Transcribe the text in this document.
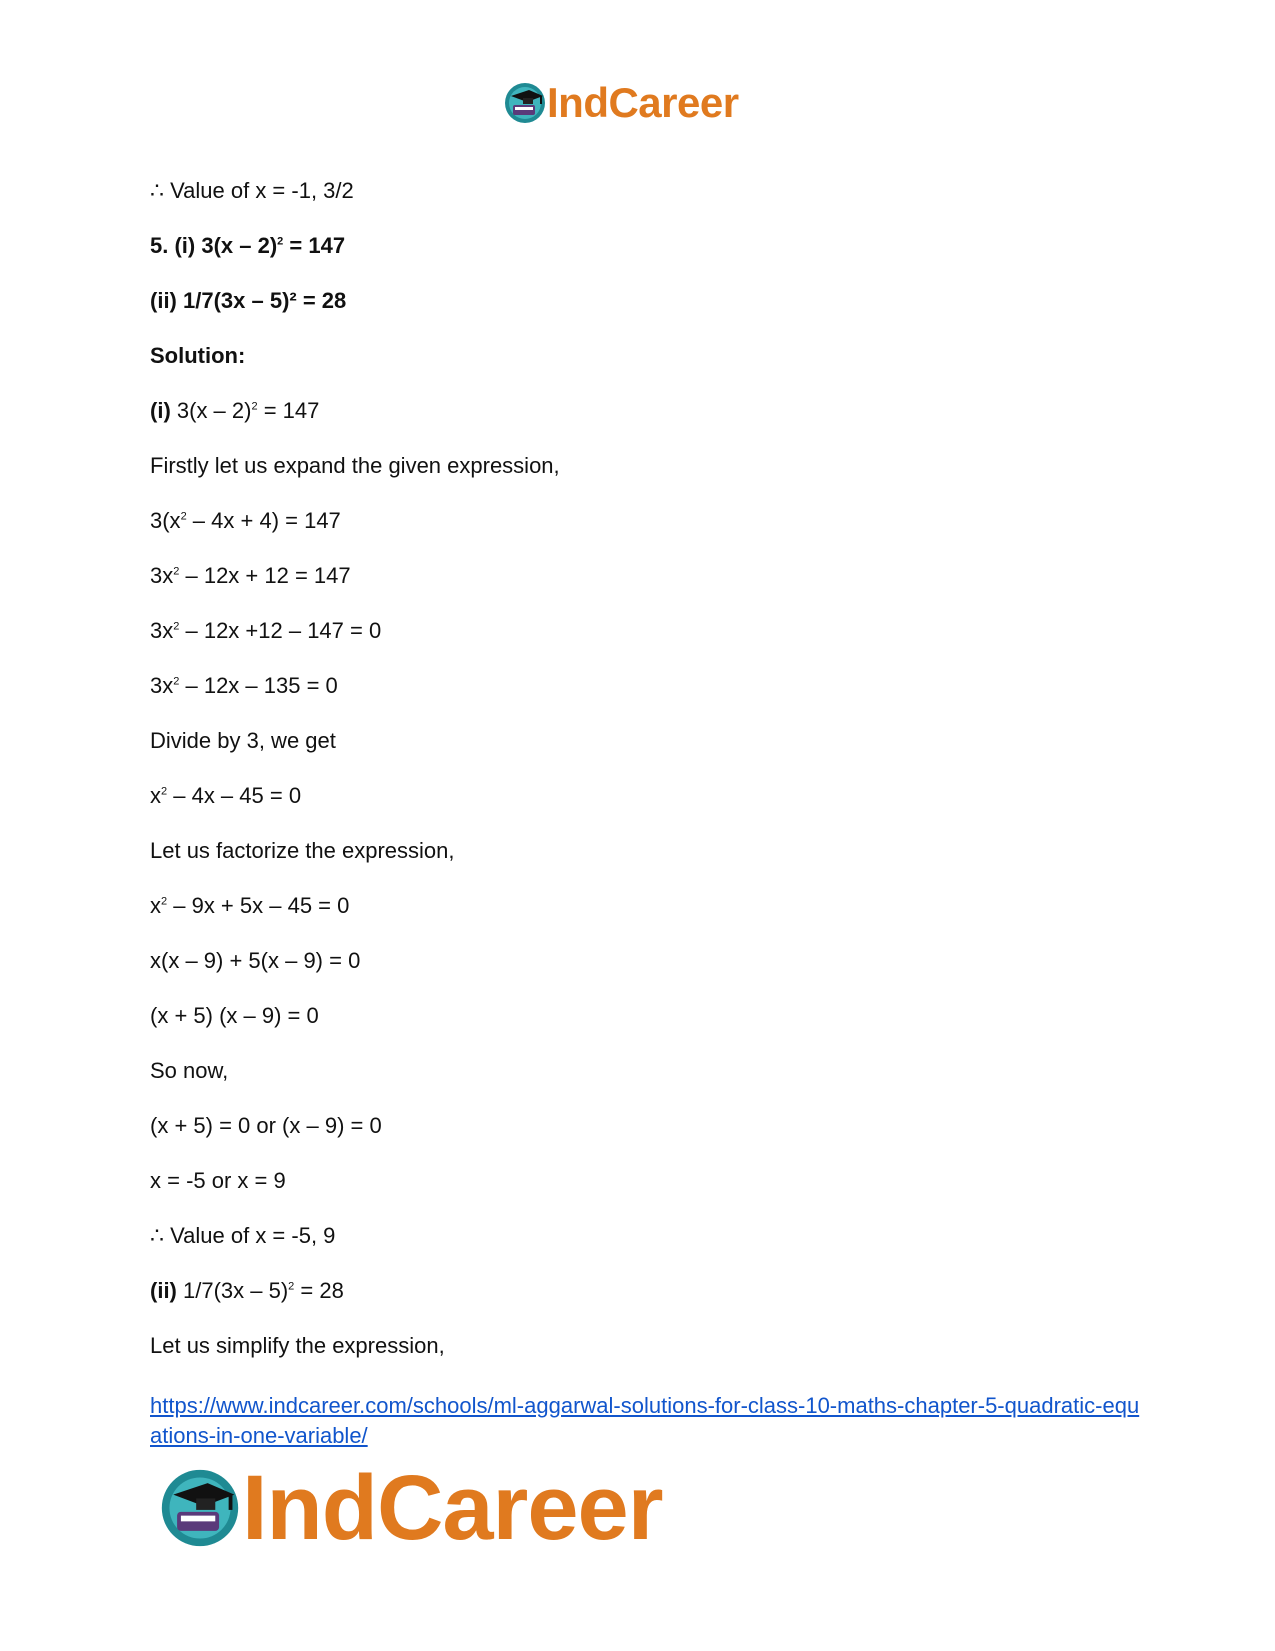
IndCareer
∴ Value of x = -1, 3/2
5. (i) 3(x – 2)$^2$ = 147
(ii) 1/7(3x – 5)² = 28
Solution:
(i) 3(x – 2)$^2$ = 147
Firstly let us expand the given expression,
$3(x^2 - 4x + 4) = 147$
$3x^2 - 12x + 12 = 147$
$3x^2 - 12x +12 - 147 = 0$
$3x^2 - 12x - 135 = 0$
Divide by 3, we get
$x^2 - 4x - 45 = 0$
Let us factorize the expression,
$x^2 - 9x + 5x - 45 = 0$
x(x – 9) + 5(x – 9) = 0
(x + 5) (x – 9) = 0
So now,
(x + 5) = 0 or (x – 9) = 0
x = -5 or x = 9
∴ Value of x = -5, 9
(ii) 1/7(3x – 5)$^2$ = 28
Let us simplify the expression,
https://www.indcareer.com/schools/ml-aggarwal-solutions-for-class-10-maths-chapter-5-quadratic-equations-in-one-variable/
IndCareer
